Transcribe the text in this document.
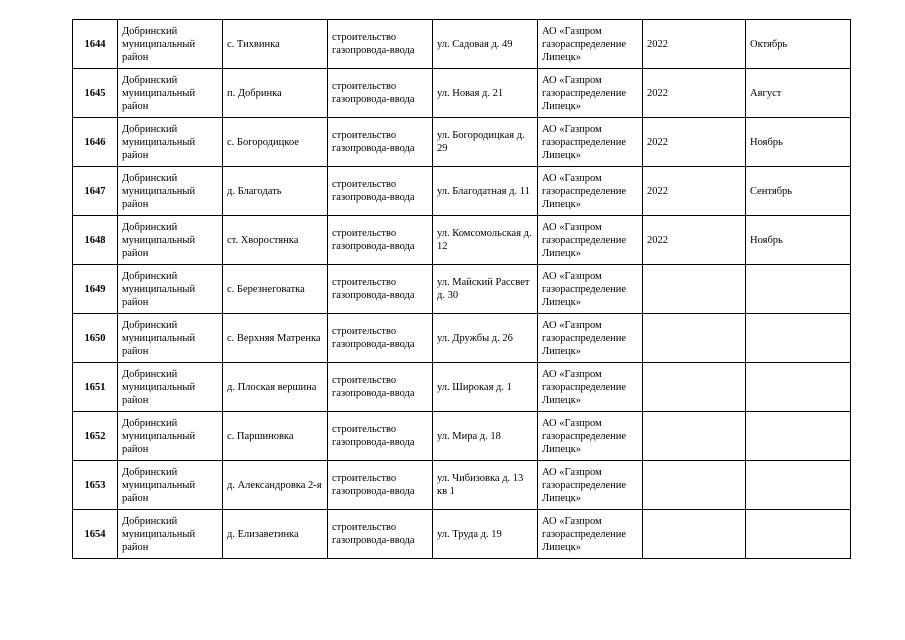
1644	Добринский муниципальный район	с. Тихвинка	строительство газопровода-ввода	ул. Садовая д. 49	АО «Газпром газораспределение Липецк»	2022	Октябрь
1645	Добринский муниципальный район	п. Добринка	строительство газопровода-ввода	ул. Новая д. 21	АО «Газпром газораспределение Липецк»	2022	Август
1646	Добринский муниципальный район	с. Богородицкое	строительство газопровода-ввода	ул. Богородицкая д. 29	АО «Газпром газораспределение Липецк»	2022	Ноябрь
1647	Добринский муниципальный район	д. Благодать	строительство газопровода-ввода	ул. Благодатная д. 11	АО «Газпром газораспределение Липецк»	2022	Сентябрь
1648	Добринский муниципальный район	ст. Хворостянка	строительство газопровода-ввода	ул. Комсомольская д. 12	АО «Газпром газораспределение Липецк»	2022	Ноябрь
1649	Добринский муниципальный район	с. Березнеговатка	строительство газопровода-ввода	ул. Майский Рассвет д. 30	АО «Газпром газораспределение Липецк»		
1650	Добринский муниципальный район	с. Верхняя Матренка	строительство газопровода-ввода	ул. Дружбы д. 26	АО «Газпром газораспределение Липецк»		
1651	Добринский муниципальный район	д. Плоская вершина	строительство газопровода-ввода	ул. Широкая д. 1	АО «Газпром газораспределение Липецк»		
1652	Добринский муниципальный район	с. Паршиновка	строительство газопровода-ввода	ул. Мира д. 18	АО «Газпром газораспределение Липецк»		
1653	Добринский муниципальный район	д. Александровка 2-я	строительство газопровода-ввода	ул. Чибизовка д. 13 кв 1	АО «Газпром газораспределение Липецк»		
1654	Добринский муниципальный район	д. Елизаветинка	строительство газопровода-ввода	ул. Труда д. 19	АО «Газпром газораспределение Липецк»		
